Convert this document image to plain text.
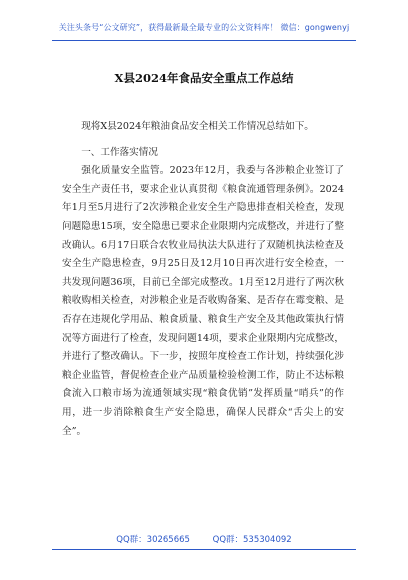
关注头条号“公文研究”，获得最新最全最专业的公文资料库！ 微信：gongwenyj
X县2024年食品安全重点工作总结

现将X县2024年粮油食品安全相关工作情况总结如下。

一、工作落实情况

强化质量安全监管。2023年12月，我委与各涉粮企业签订了安全生产责任书，要求企业认真贯彻《粮食流通管理条例》。2024年1月至5月进行了2次涉粮企业安全生产隐患排查相关检查，发现问题隐患15项，安全隐患已要求企业限期内完成整改，并进行了整改确认。6月17日联合农牧业局执法大队进行了双随机执法检查及安全生产隐患检查，9月25日及12月10日再次进行安全检查，一共发现问题36项，目前已全部完成整改。1月至12月进行了两次秋粮收购相关检查，对涉粮企业是否收购备案、是否存在霉变粮、是否存在违规化学用品、粮食质量、粮食生产安全及其他政策执行情况等方面进行了检查，发现问题14项，要求企业限期内完成整改，并进行了整改确认。下一步，按照年度检查工作计划，持续强化涉粮企业监管，督促检查企业产品质量检验检测工作，防止不达标粮食流入口粮市场为流通领域实现“粮食优销”发挥质量“哨兵”的作用，进一步消除粮食生产安全隐患，确保人民群众“舌尖上的安全”。

QQ群：30265665	QQ群：535304092
